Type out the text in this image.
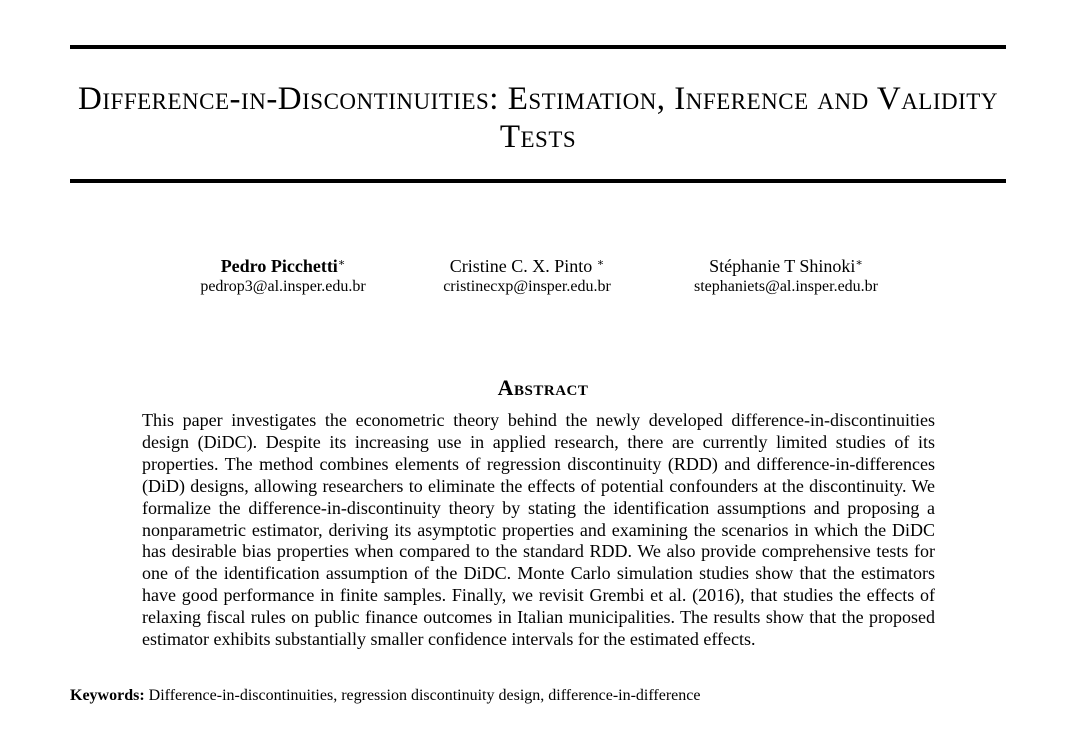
Difference-in-Discontinuities: Estimation, Inference and Validity Tests
Pedro Picchetti∗
pedrop3@al.insper.edu.br
Cristine C. X. Pinto ∗
cristinecxp@insper.edu.br
Stéphanie T Shinoki∗
stephaniets@al.insper.edu.br
Abstract
This paper investigates the econometric theory behind the newly developed difference-in-discontinuities design (DiDC). Despite its increasing use in applied research, there are currently limited studies of its properties. The method combines elements of regression discontinuity (RDD) and difference-in-differences (DiD) designs, allowing researchers to eliminate the effects of potential confounders at the discontinuity. We formalize the difference-in-discontinuity theory by stating the identification assumptions and proposing a nonparametric estimator, deriving its asymptotic properties and examining the scenarios in which the DiDC has desirable bias properties when compared to the standard RDD. We also provide comprehensive tests for one of the identification assumption of the DiDC. Monte Carlo simulation studies show that the estimators have good performance in finite samples. Finally, we revisit Grembi et al. (2016), that studies the effects of relaxing fiscal rules on public finance outcomes in Italian municipalities. The results show that the proposed estimator exhibits substantially smaller confidence intervals for the estimated effects.
Keywords: Difference-in-discontinuities, regression discontinuity design, difference-in-difference
